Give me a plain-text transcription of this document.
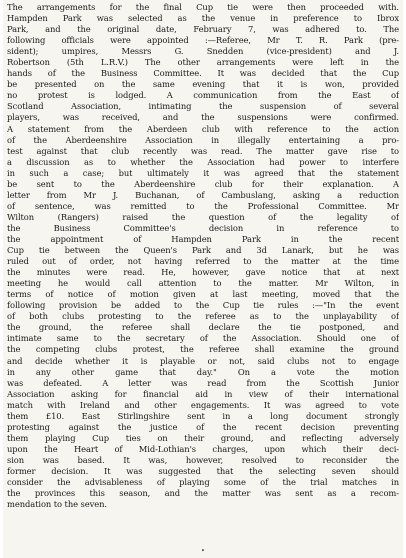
The arrangements for the final Cup tie were then proceeded with.
Hampden Park was selected as the venue in preference to Ibrox
Park, and the original date, February 7, was adhered to. The
following officials were appointed :—Referee, Mr T. R. Park (pre-
sident); umpires, Messrs G. Snedden (vice-president) and J.
Robertson (5th L.R.V.) The other arrangements were left in the
hands of the Business Committee. It was decided that the Cup
be presented on the same evening that it is won, provided
no protest is lodged. A communication from the East of
Scotland Association, intimating the suspension of several
players, was received, and the suspensions were confirmed.
A statement from the Aberdeen club with reference to the action
of the Aberdeenshire Association in illegally entertaining a pro-
test against that club recently was read. The matter gave rise to
a discussion as to whether the Association had power to interfere
in such a case; but ultimately it was agreed that the statement
be sent to the Aberdeenshire club for their explanation. A
letter from Mr J. Buchanan, of Cambuslang, asking a reduction
of sentence, was remitted to the Professional Committee. Mr
Wilton (Rangers) raised the question of the legality of
the Business Committee's decision in reference to
the appointment of Hampden Park in the recent
Cup tie between the Queen's Park and 3d Lanark, but he was
ruled out of order, not having referred to the matter at the time
the minutes were read. He, however, gave notice that at next
meeting he would call attention to the matter. Mr Wilton, in
terms of notice of motion given at last meeting, moved that the
following provision be added to the Cup tie rules :—"In the event
of both clubs protesting to the referee as to the unplayability of
the ground, the referee shall declare the tie postponed, and
intimate same to the secretary of the Association. Should one of
the competing clubs protest, the referee shall examine the ground
and decide whether it is playable or not, said clubs not to engage
in any other game that day." On a vote the motion
was defeated. A letter was read from the Scottish Junior
Association asking for financial aid in view of their international
match with Ireland and other engagements. It was agreed to vote
them £10. East Stirlingshire sent in a long document strongly
protesting against the justice of the recent decision preventing
them playing Cup ties on their ground, and reflecting adversely
upon the Heart of Mid-Lothian's charges, upon which their deci-
sion was based. It was, however, resolved to reconsider the
former decision. It was suggested that the selecting seven should
consider the advisableness of playing some of the trial matches in
the provinces this season, and the matter was sent as a recom-
mendation to the seven.
•
